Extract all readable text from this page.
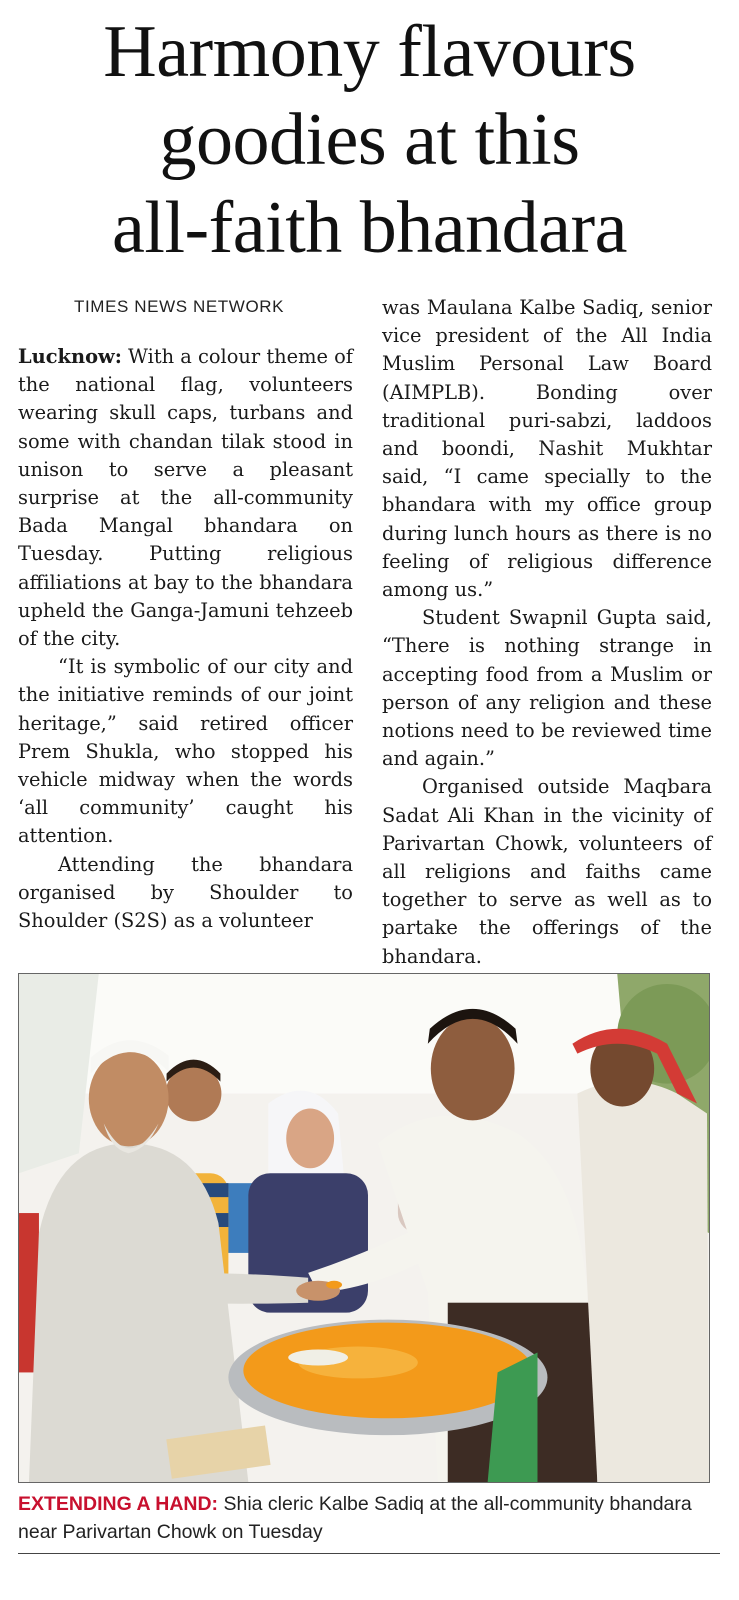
Harmony flavours
goodies at this
all-faith bhandara
TIMES NEWS NETWORK

Lucknow: With a colour theme of the national flag, volunteers wearing skull caps, turbans and some with chandan tilak stood in unison to serve a pleasant surprise at the all-community Bada Mangal bhandara on Tuesday. Putting religious affiliations at bay to the bhandara upheld the Ganga-Jamuni tehzeeb of the city.

“It is symbolic of our city and the initiative reminds of our joint heritage,” said retired officer Prem Shukla, who stopped his vehicle midway when the words ‘all community’ caught his attention.

Attending the bhandara organised by Shoulder to Shoulder (S2S) as a volunteer

was Maulana Kalbe Sadiq, senior vice president of the All India Muslim Personal Law Board (AIMPLB). Bonding over traditional puri-sabzi, laddoos and boondi, Nashit Mukhtar said, “I came specially to the bhandara with my office group during lunch hours as there is no feeling of religious difference among us.”

Student Swapnil Gupta said, “There is nothing strange in accepting food from a Muslim or person of any religion and these notions need to be reviewed time and again.”

Organised outside Maqbara Sadat Ali Khan in the vicinity of Parivartan Chowk, volunteers of all religions and faiths came together to serve as well as to partake the offerings of the bhandara.

EXTENDING A HAND: Shia cleric Kalbe Sadiq at the all-community bhandara near Parivartan Chowk on Tuesday
